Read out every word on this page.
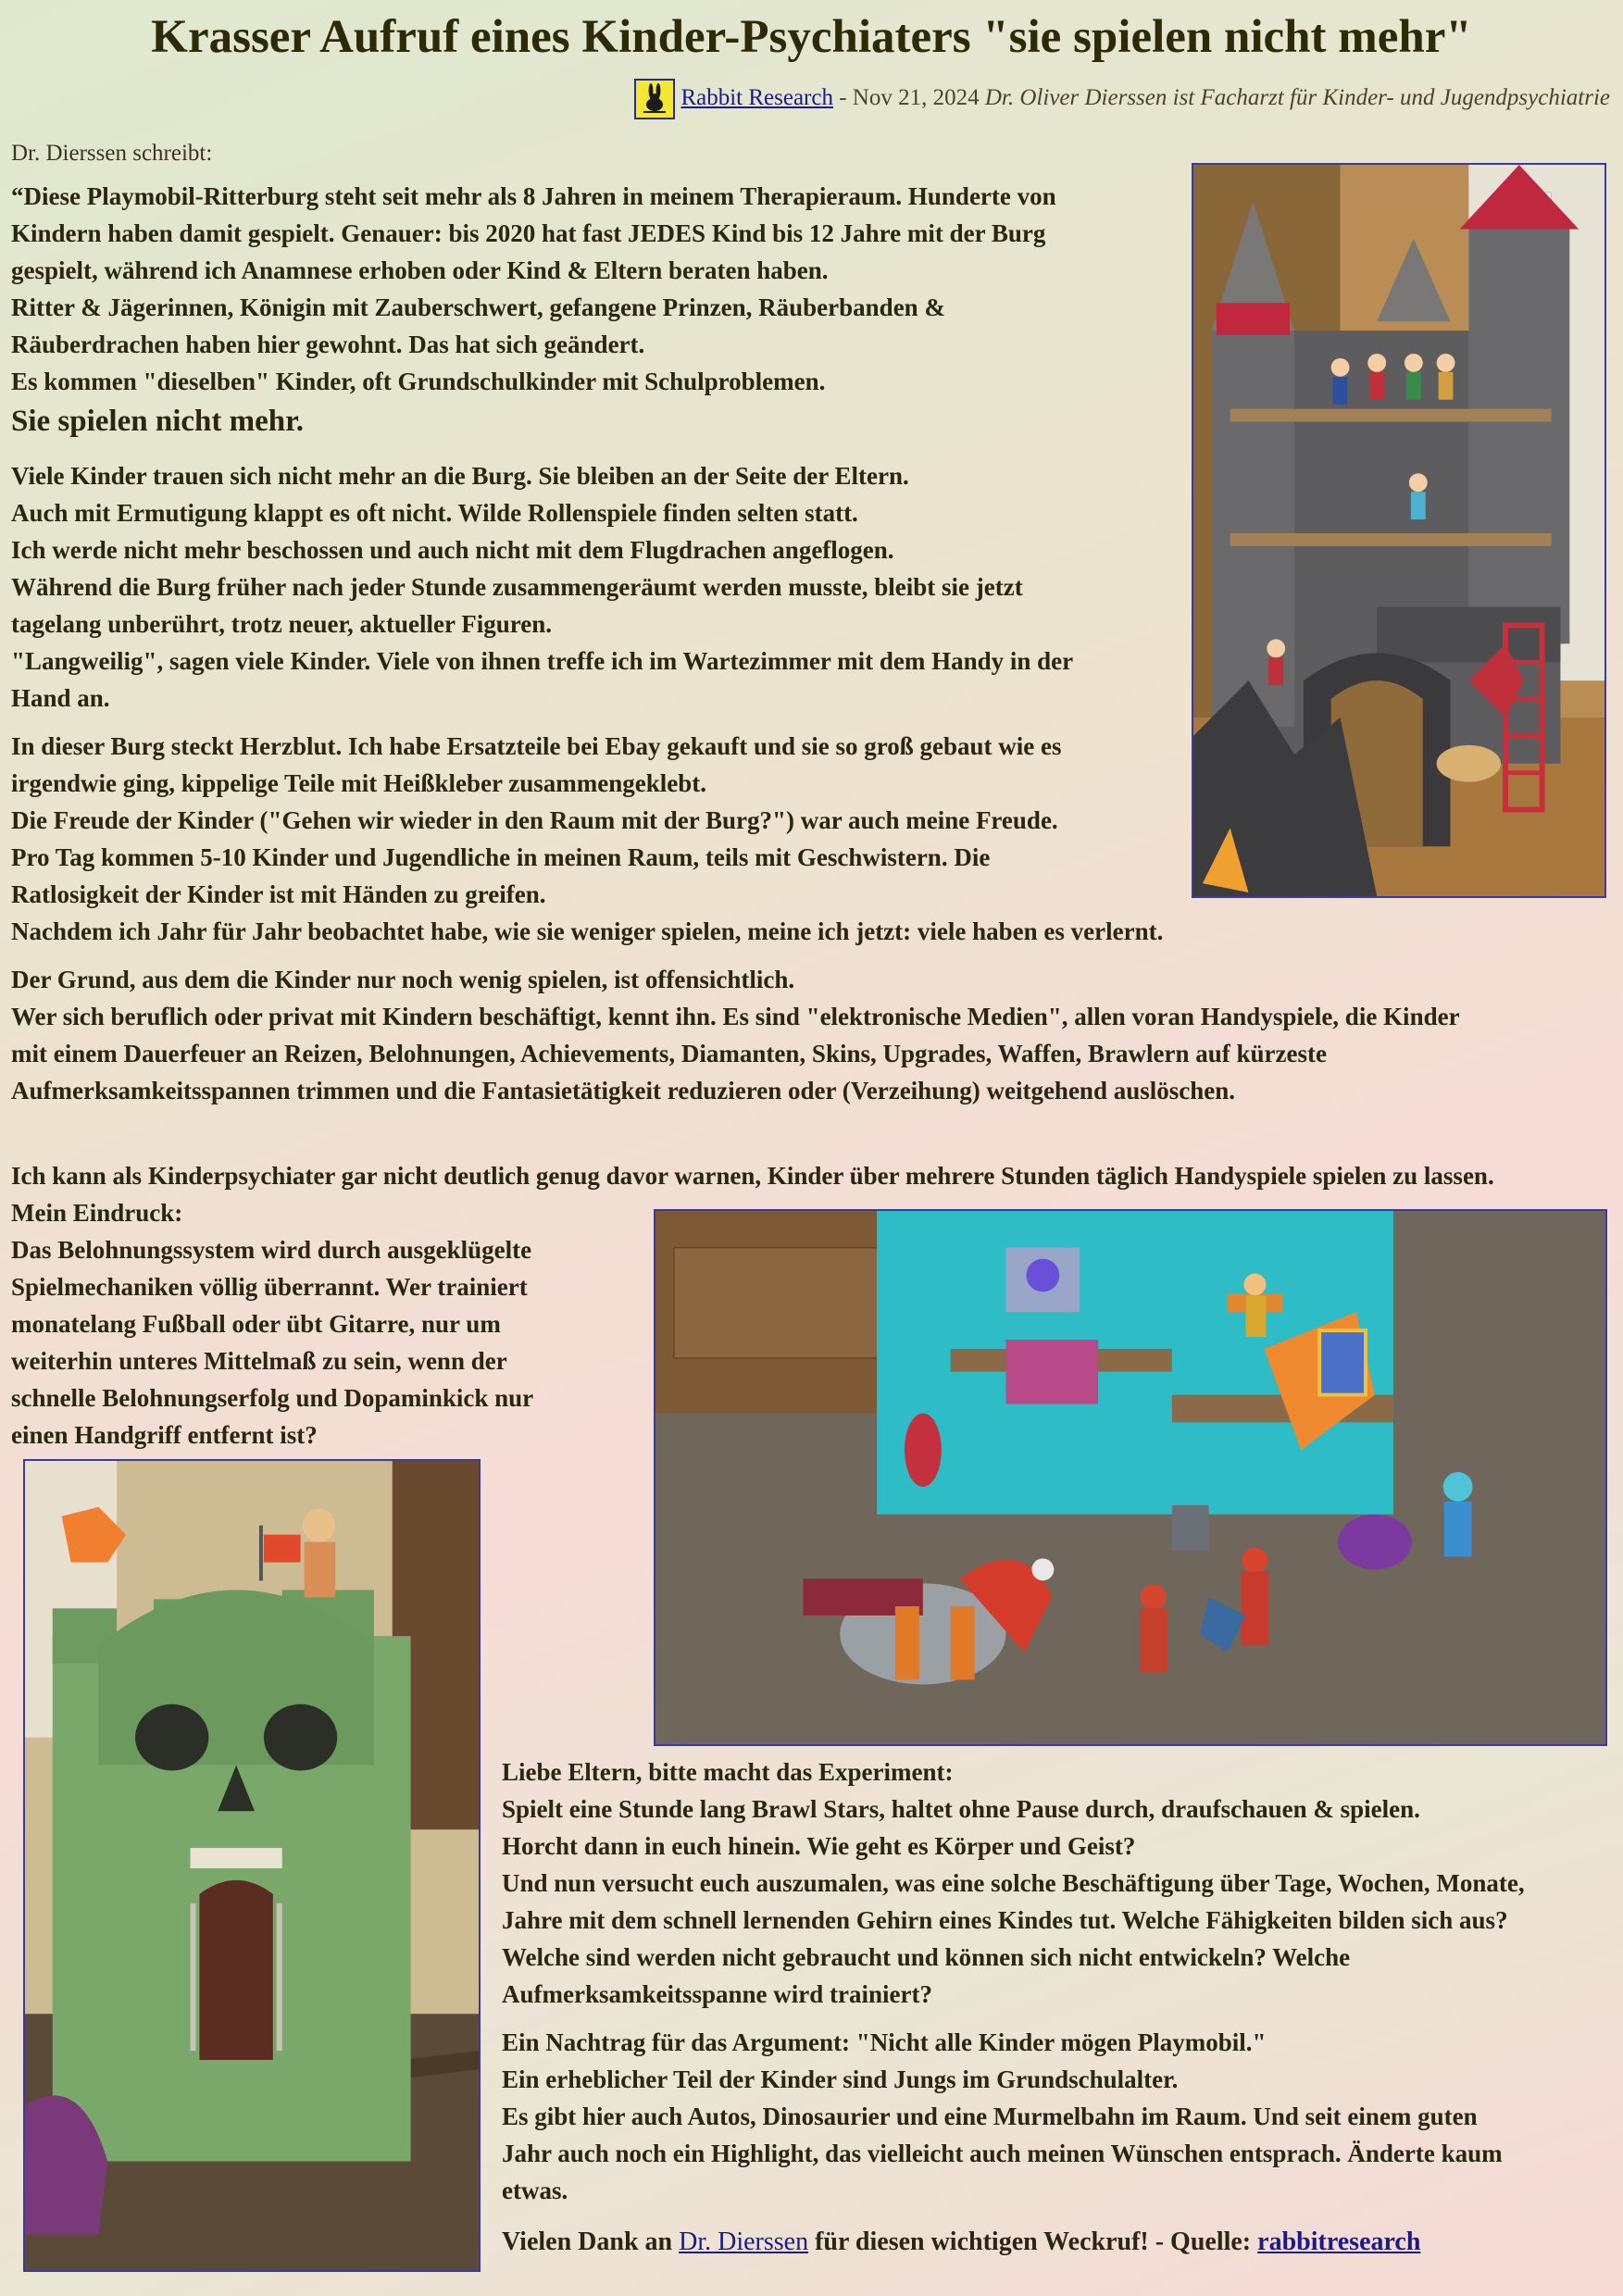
Krasser Aufruf eines Kinder-Psychiaters "sie spielen nicht mehr"
Rabbit Research - Nov 21, 2024 Dr. Oliver Dierssen ist Facharzt für Kinder- und Jugendpsychiatrie
Dr. Dierssen schreibt:

“Diese Playmobil-Ritterburg steht seit mehr als 8 Jahren in meinem Therapieraum. Hunderte von

Kindern haben damit gespielt. Genauer: bis 2020 hat fast JEDES Kind bis 12 Jahre mit der Burg

gespielt, während ich Anamnese erhoben oder Kind & Eltern beraten haben.

Ritter & Jägerinnen, Königin mit Zauberschwert, gefangene Prinzen, Räuberbanden &

Räuberdrachen haben hier gewohnt. Das hat sich geändert.

Es kommen "dieselben" Kinder, oft Grundschulkinder mit Schulproblemen.

Sie spielen nicht mehr.

Viele Kinder trauen sich nicht mehr an die Burg. Sie bleiben an der Seite der Eltern.

Auch mit Ermutigung klappt es oft nicht. Wilde Rollenspiele finden selten statt.

Ich werde nicht mehr beschossen und auch nicht mit dem Flugdrachen angeflogen.

Während die Burg früher nach jeder Stunde zusammengeräumt werden musste, bleibt sie jetzt

tagelang unberührt, trotz neuer, aktueller Figuren.

"Langweilig", sagen viele Kinder. Viele von ihnen treffe ich im Wartezimmer mit dem Handy in der

Hand an.

In dieser Burg steckt Herzblut. Ich habe Ersatzteile bei Ebay gekauft und sie so groß gebaut wie es

irgendwie ging, kippelige Teile mit Heißkleber zusammengeklebt.

Die Freude der Kinder ("Gehen wir wieder in den Raum mit der Burg?") war auch meine Freude.

Pro Tag kommen 5-10 Kinder und Jugendliche in meinen Raum, teils mit Geschwistern. Die

Ratlosigkeit der Kinder ist mit Händen zu greifen.

Nachdem ich Jahr für Jahr beobachtet habe, wie sie weniger spielen, meine ich jetzt: viele haben es verlernt.

Der Grund, aus dem die Kinder nur noch wenig spielen, ist offensichtlich.

Wer sich beruflich oder privat mit Kindern beschäftigt, kennt ihn. Es sind "elektronische Medien", allen voran Handyspiele, die Kinder

mit einem Dauerfeuer an Reizen, Belohnungen, Achievements, Diamanten, Skins, Upgrades, Waffen, Brawlern auf kürzeste

Aufmerksamkeitsspannen trimmen und die Fantasietätigkeit reduzieren oder (Verzeihung) weitgehend auslöschen.

Ich kann als Kinderpsychiater gar nicht deutlich genug davor warnen, Kinder über mehrere Stunden täglich Handyspiele spielen zu lassen.

Mein Eindruck:

Das Belohnungssystem wird durch ausgeklügelte

Spielmechaniken völlig überrannt. Wer trainiert

monatelang Fußball oder übt Gitarre, nur um

weiterhin unteres Mittelmaß zu sein, wenn der

schnelle Belohnungserfolg und Dopaminkick nur

einen Handgriff entfernt ist?

Liebe Eltern, bitte macht das Experiment:

Spielt eine Stunde lang Brawl Stars, haltet ohne Pause durch, draufschauen & spielen.

Horcht dann in euch hinein. Wie geht es Körper und Geist?

Und nun versucht euch auszumalen, was eine solche Beschäftigung über Tage, Wochen, Monate,

Jahre mit dem schnell lernenden Gehirn eines Kindes tut. Welche Fähigkeiten bilden sich aus?

Welche sind werden nicht gebraucht und können sich nicht entwickeln? Welche

Aufmerksamkeitsspanne wird trainiert?

Ein Nachtrag für das Argument: "Nicht alle Kinder mögen Playmobil."

Ein erheblicher Teil der Kinder sind Jungs im Grundschulalter.

Es gibt hier auch Autos, Dinosaurier und eine Murmelbahn im Raum. Und seit einem guten

Jahr auch noch ein Highlight, das vielleicht auch meinen Wünschen entsprach. Änderte kaum

etwas.

Vielen Dank an Dr. Dierssen für diesen wichtigen Weckruf! - Quelle: rabbitresearch
